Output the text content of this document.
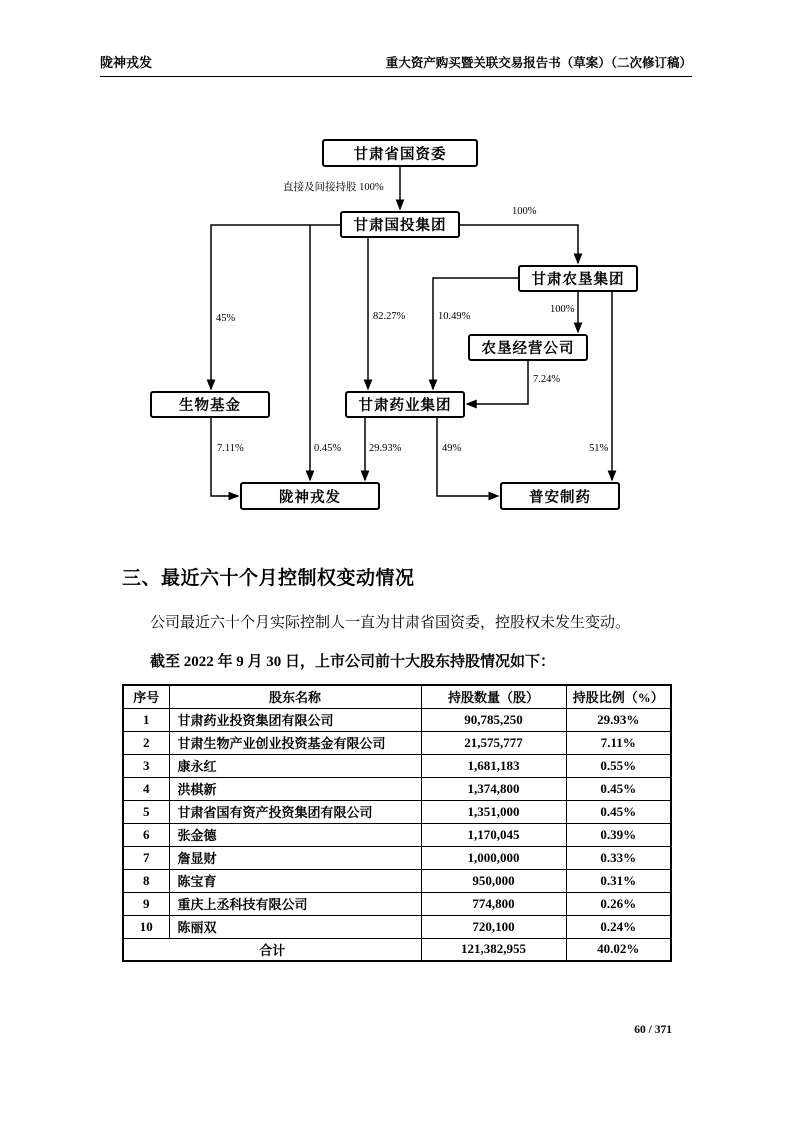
陇神戎发	重大资产购买暨关联交易报告书（草案）（二次修订稿）
甘肃省国资委
甘肃国投集团
甘肃农垦集团
农垦经营公司
生物基金	甘肃药业集团
陇神戎发	普安制药
直接及间接持股 100%
100%
45%	82.27%	10.49%
100%
7.24%
7.11%	0.45%	29.93%	49%	51%
三、最近六十个月控制权变动情况

公司最近六十个月实际控制人一直为甘肃省国资委，控股权未发生变动。

截至 2022 年 9 月 30 日，上市公司前十大股东持股情况如下：

序号	股东名称	持股数量（股）	持股比例（%）
1	甘肃药业投资集团有限公司	90,785,250	29.93%
2	甘肃生物产业创业投资基金有限公司	21,575,777	7.11%
3	康永红	1,681,183	0.55%
4	洪棋新	1,374,800	0.45%
5	甘肃省国有资产投资集团有限公司	1,351,000	0.45%
6	张金德	1,170,045	0.39%
7	詹显财	1,000,000	0.33%
8	陈宝育	950,000	0.31%
9	重庆上丞科技有限公司	774,800	0.26%
10	陈丽双	720,100	0.24%
合计		121,382,955	40.02%
60 / 371
